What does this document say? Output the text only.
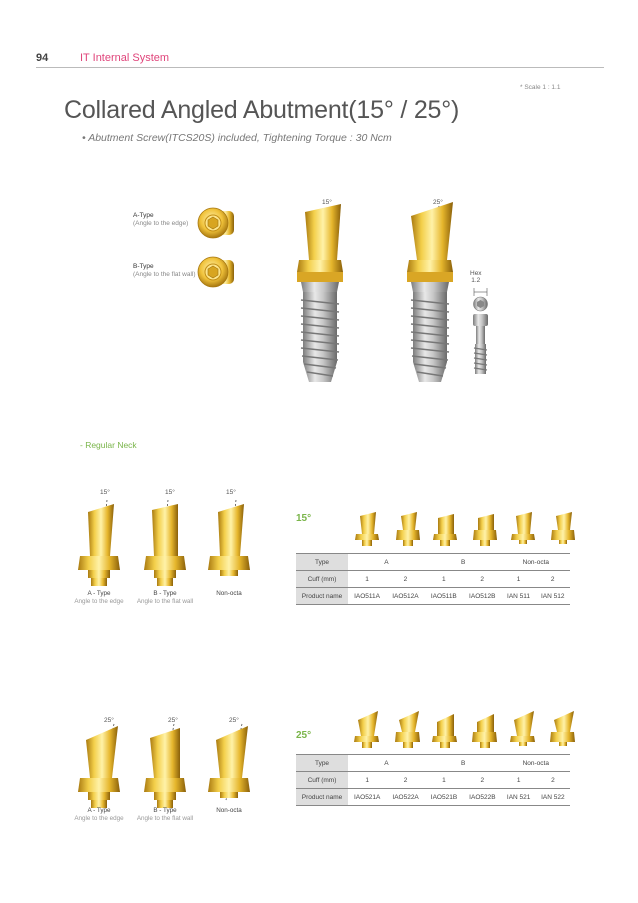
94	IT Internal System
* Scale 1 : 1.1
Collared Angled Abutment(15° / 25°)
• Abutment Screw(ITCS20S) included, Tightening Torque : 30 Ncm
A-Type
(Angle to the edge)
B-Type
(Angle to the flat wall)
15°	25°
Hex
1.2
- Regular Neck
15°	15°	15°
A - Type
Angle to the edge
B - Type
Angle to the flat wall
Non-octa
15°
Type	A		B		Non-octa	
Cuff (mm)	1	2	1	2	1	2
Product name	IAO511A	IAO512A	IAO511B	IAO512B	IAN 511	IAN 512
25°	25°	25°
A - Type
Angle to the edge
B - Type
Angle to the flat wall
Non-octa
25°
Type	A		B		Non-octa	
Cuff (mm)	1	2	1	2	1	2
Product name	IAO521A	IAO522A	IAO521B	IAO522B	IAN 521	IAN 522
